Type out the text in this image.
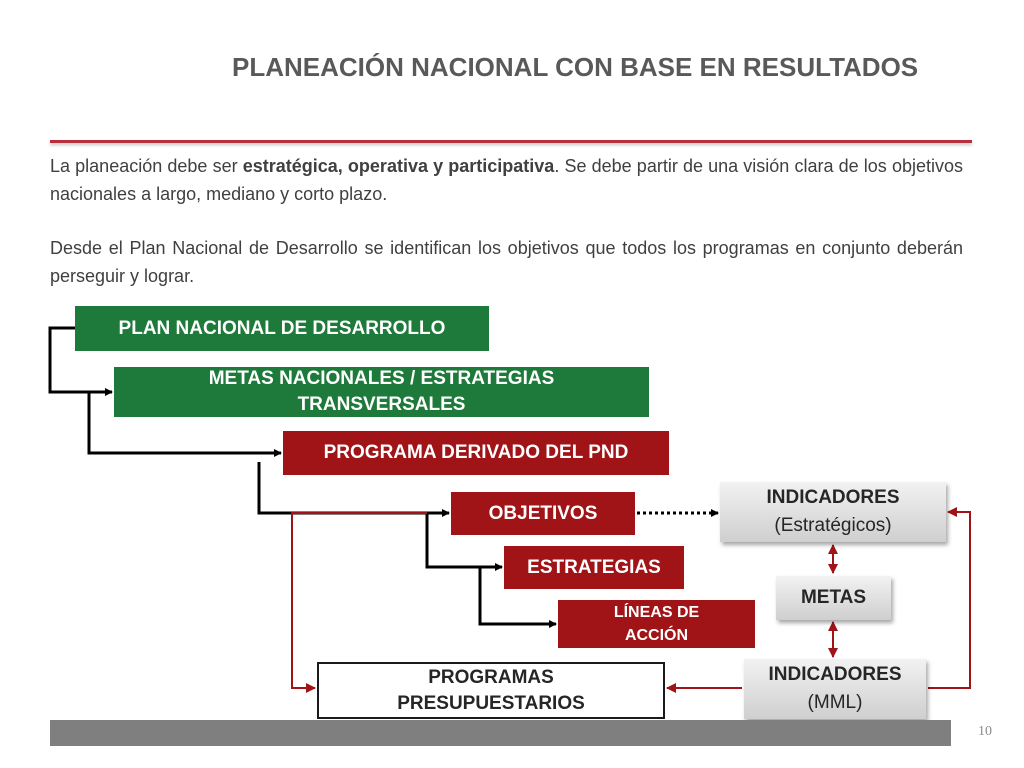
PLANEACIÓN NACIONAL CON BASE EN RESULTADOS
La planeación debe ser estratégica, operativa y participativa. Se debe partir de una visión clara de los objetivos nacionales a largo, mediano y corto plazo.
Desde el Plan Nacional de Desarrollo se identifican los objetivos que todos los programas en conjunto deberán perseguir y lograr.
PLAN NACIONAL DE DESARROLLO
METAS NACIONALES / ESTRATEGIAS TRANSVERSALES
PROGRAMA DERIVADO DEL PND
OBJETIVOS
ESTRATEGIAS
LÍNEAS DE ACCIÓN
PROGRAMAS PRESUPUESTARIOS
INDICADORES
(Estratégicos)
METAS
INDICADORES
(MML)
10
